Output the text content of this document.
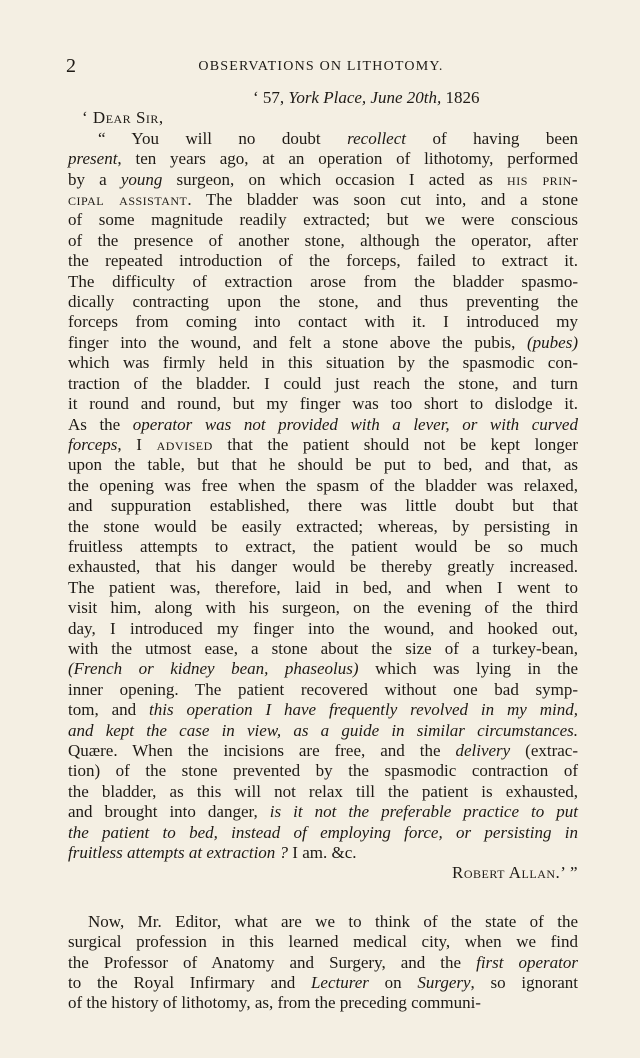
2	OBSERVATIONS ON LITHOTOMY.
‘ 57, York Place, June 20th, 1826
‘ Dear Sir,
“ You will no doubt recollect of having been
present, ten years ago, at an operation of lithotomy, performed
by a young surgeon, on which occasion I acted as his prin-
cipal assistant. The bladder was soon cut into, and a stone
of some magnitude readily extracted; but we were conscious
of the presence of another stone, although the operator, after
the repeated introduction of the forceps, failed to extract it.
The difficulty of extraction arose from the bladder spasmo-
dically contracting upon the stone, and thus preventing the
forceps from coming into contact with it. I introduced my
finger into the wound, and felt a stone above the pubis, (pubes)
which was firmly held in this situation by the spasmodic con-
traction of the bladder. I could just reach the stone, and turn
it round and round, but my finger was too short to dislodge it.
As the operator was not provided with a lever, or with curved
forceps, I advised that the patient should not be kept longer
upon the table, but that he should be put to bed, and that, as
the opening was free when the spasm of the bladder was relaxed,
and suppuration established, there was little doubt but that
the stone would be easily extracted; whereas, by persisting in
fruitless attempts to extract, the patient would be so much
exhausted, that his danger would be thereby greatly increased.
The patient was, therefore, laid in bed, and when I went to
visit him, along with his surgeon, on the evening of the third
day, I introduced my finger into the wound, and hooked out,
with the utmost ease, a stone about the size of a turkey-bean,
(French or kidney bean, phaseolus) which was lying in the
inner opening. The patient recovered without one bad symp-
tom, and this operation I have frequently revolved in my mind,
and kept the case in view, as a guide in similar circumstances.
Quære. When the incisions are free, and the delivery (extrac-
tion) of the stone prevented by the spasmodic contraction of
the bladder, as this will not relax till the patient is exhausted,
and brought into danger, is it not the preferable practice to put
the patient to bed, instead of employing force, or persisting in
fruitless attempts at extraction ? I am. &c.
Robert Allan.’ ”
Now, Mr. Editor, what are we to think of the state of the
surgical profession in this learned medical city, when we find
the Professor of Anatomy and Surgery, and the first operator
to the Royal Infirmary and Lecturer on Surgery, so ignorant
of the history of lithotomy, as, from the preceding communi-
